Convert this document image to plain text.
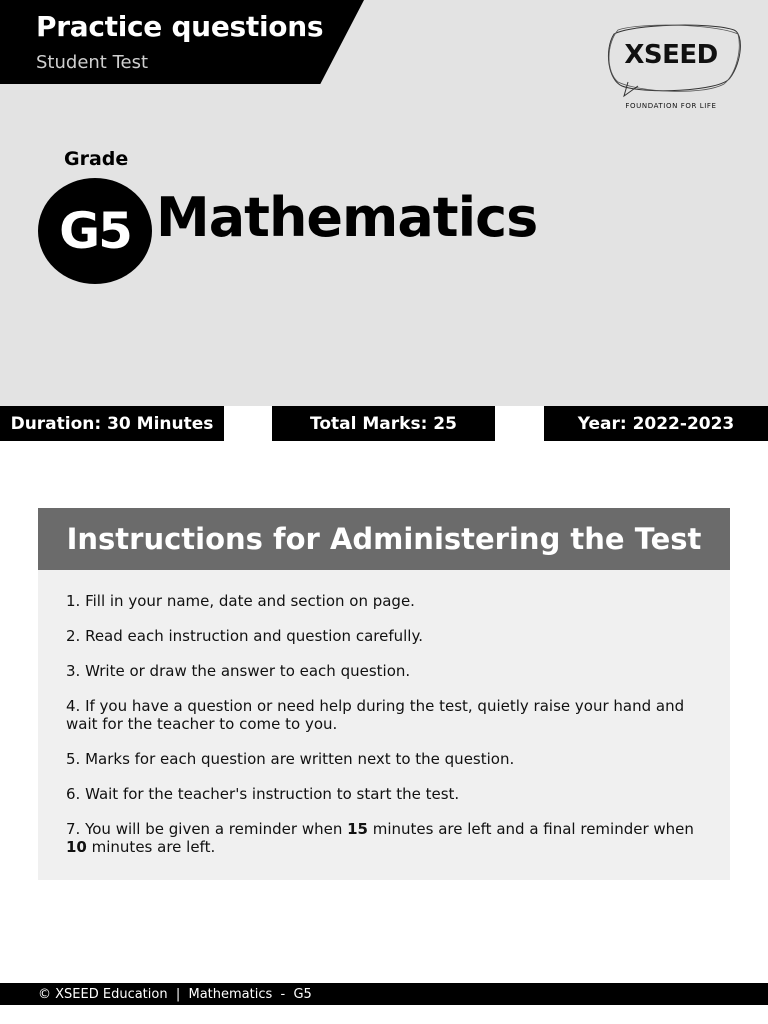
Practice questions
Student Test	XSEED
FOUNDATION FOR LIFE
Grade
G5 Mathematics
Duration: 30 Minutes	Total Marks: 25	Year: 2022-2023
Instructions for Administering the Test
1. Fill in your name, date and section on page.
2. Read each instruction and question carefully.
3. Write or draw the answer to each question.
4. If you have a question or need help during the test, quietly raise your hand and wait for the teacher to come to you.
5. Marks for each question are written next to the question.
6. Wait for the teacher's instruction to start the test.
7. You will be given a reminder when 15 minutes are left and a final reminder when 10 minutes are left.
© XSEED Education  |  Mathematics  -  G5
